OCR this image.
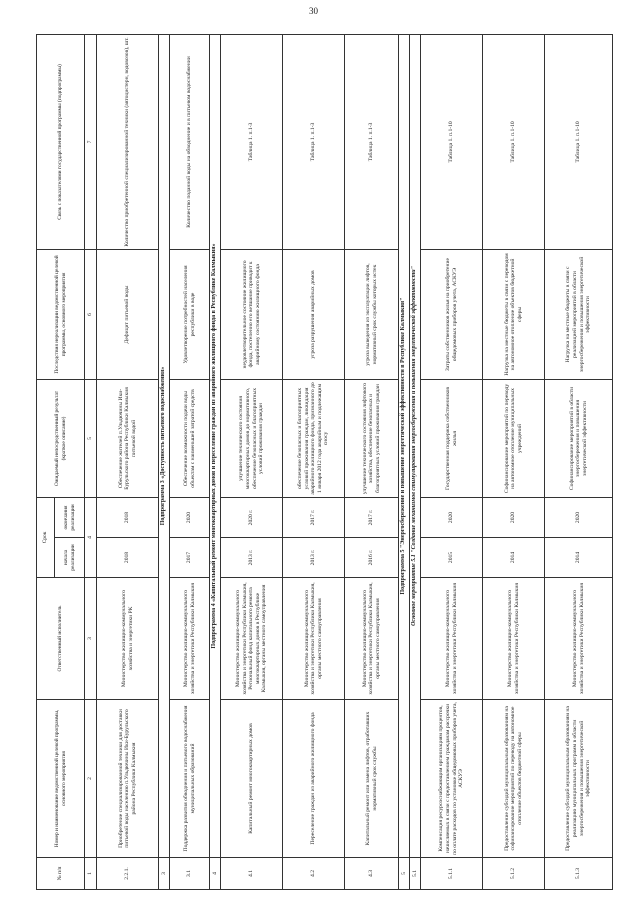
30
№ п/п	Номер и наименование ведомственной целевой программы, основного мероприятия	Ответственный исполнитель	Срок		Ожидаемый непосредственный результат (краткое описание)	Последствия нереализации ведомственной целевой программы, основного мероприятия	Связь с показателями государственной программы (подпрограммы)
			начала реализации	окончания реализации			
1	2	3	4		5	6	7
2.2.1.	Приобретение специализированной техники для доставки питьевой воды населению п.Ульдючины Ики-Бурульского района Республики Калмыкия	Министерство жилищно-коммунального хозяйства и энергетики РК	2018	2018	Обеспечение жителей п.Ульдючины Ики-Бурульского района Республики Калмыкия питьевой водой	Дефицит питьевой воды	Количество приобретенной специализированной техники (автоцистерн, водовозов), шт.
3	Подпрограмма 3 «Доступность питьевого водоснабжения»						
3.1	Поддержка развития обводнения и питьевого водоснабжения муниципальных образований	Министерство жилищно-коммунального хозяйства и энергетики Республики Калмыкия	2017	2020	Обеспечение возможности подачи воды объектам с наименьшей затратой средств	Удовлетворение потребностей населения республики в воде	Количество поданной воды на обводнение и в питьевом водоснабжении
4	Подпрограмма 4 «Капитальный ремонт многоквартирных домов и переселение граждан из аварийного жилищного фонда в Республике Калмыкия»						
4.1	Капитальный ремонт многоквартирных домов	Министерство жилищно-коммунального хозяйства и энергетики Республики Калмыкия, Региональный фонд капитального ремонта многоквартирных домов в Республике Калмыкия, органы местного самоуправления	2013 г.	2020 г.	улучшение технического состояния многоквартирных домов до нормативного, обеспечение безопасных и благоприятных условий проживания граждан	неудовлетворительное состояние жилищного фонда, постепенно его ветшание приводит к аварийному состоянию жилищного фонда	Таблица 1. п.1-3
4.2	Переселение граждан из аварийного жилищного фонда	Министерство жилищно-коммунального хозяйства и энергетики Республики Калмыкия, органы местного самоуправления	2013 г.	2017 г.	обеспечение безопасных и благоприятных условий проживания граждан, ликвидация аварийного жилищного фонда, признанного до 1 января 2012 года аварийным и подлежащим сносу	угроза разрушения аварийных домов	Таблица 1. п.1-3
4.3	Капитальный ремонт или замена лифтов, отработавших нормативный срок службы	Министерство жилищно-коммунального хозяйства и энергетики Республики Калмыкия, органы местного самоуправления	2016 г.	2017 г.	улучшение технического состояния лифтового хозяйства, обеспечение безопасных и благоприятных условий проживания граждан	угроза выведения из эксплуатации лифтов, нормативный срок службы которых истек	Таблица 1. п.1-3
5	Подпрограмма 5 "Энергосбережение и повышение энергетической эффективности в Республике Калмыкия"						
5.1	Основное мероприятие 5.1 "Создание механизмов стимулирования энергосбережения и повышения энергетической эффективности"						
5.1.1	Компенсация ресурсоснабжающим организациям процентов, начисляемых в связи с предоставлением гражданам рассрочки по оплате расходов по установке общедомовых приборов учета, АСКУЭ	Министерство жилищно-коммунального хозяйства и энергетики Республики Калмыкия	2015	2020	Государственная поддержка собственников жилья	Затраты собственников жилья на приобретение общедомовых приборов учета, АСКУЭ	Таблица 1. п.1-10
5.1.2	Предоставление субсидий муниципальным образованиям на софинансирование мероприятий по переводу на автономное отопление объектов бюджетной сферы	Министерство жилищно-коммунального хозяйства и энергетики Республики Калмыкия	2014	2020	Софинансирование мероприятий по переводу на автономное отопление муниципальных учреждений	Нагрузка на местные бюджеты в связи с переводом на автономное отопление объектов бюджетной сферы	Таблица 1. п.1-10
5.1.3	Предоставление субсидий муниципальным образованиям на реализацию муниципальных программ в области энергосбережения и повышения энергетической эффективности	Министерство жилищно-коммунального хозяйства и энергетики Республики Калмыкия	2014	2020	Софинансирование мероприятий в области энергосбережения и повышения энергетической эффективности	Нагрузка на местные бюджеты в связи с реализацией мероприятий в области энергосбережения и повышения энергетической эффективности	Таблица 1. п.1-10
